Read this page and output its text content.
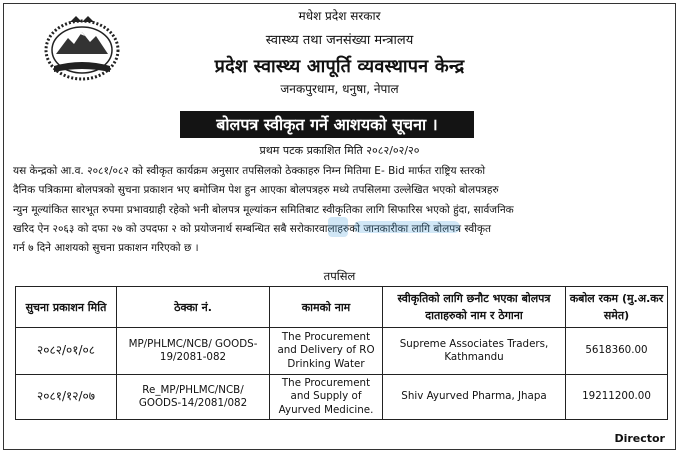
मधेश प्रदेश सरकार
स्वास्थ्य तथा जनसंख्या मन्त्रालय
प्रदेश स्वास्थ्य आपूर्ति व्यवस्थापन केन्द्र
जनकपुरधाम, धनुषा, नेपाल
बोलपत्र स्वीकृत गर्ने आशयको सूचना ।
प्रथम पटक प्रकाशित मिति २०८२/०२/२०
यस केन्द्रको आ.व. २०८१/०८२ को स्वीकृत कार्यक्रम अनुसार तपसिलको ठेक्काहरु निम्न मितिमा E- Bid मार्फत राष्ट्रिय स्तरको
दैनिक पत्रिकामा बोलपत्रको सुचना प्रकाशन भए बमोजिम पेश हुन आएका बोलपत्रहरु मध्ये तपसिलमा उल्लेखित भएको बोलपत्रहरु
न्युन मूल्यांकित सारभूत रुपमा प्रभावग्राही रहेको भनी बोलपत्र मूल्यांकन समितिबाट स्वीकृतिका लागि सिफारिस भएको हुंदा, सार्वजनिक
खरिद ऐन २०६३ को दफा २७ को उपदफा २ को प्रयोजनार्थ सम्बन्धित सबै सरोकारवालाहरुको जानकारीका लागि बोलपत्र स्वीकृत
गर्न ७ दिने आशयको सुचना प्रकाशन गरिएको छ ।
तपसिल
सुचना प्रकाशन मिति	ठेक्का नं.	कामको नाम	स्वीकृतिको लागि छनौट भएका बोलपत्र दाताहरुको नाम र ठेगाना	कबोल रकम (मु.अ.कर समेत)
२०८२/०१/०८	MP/PHLMC/NCB/ GOODS-19/2081-082	The Procurement and Delivery of RO Drinking Water	Supreme Associates Traders, Kathmandu	5618360.00
२०८१/१२/०७	Re_MP/PHLMC/NCB/ GOODS-14/2081/082	The Procurement and Supply of Ayurved Medicine.	Shiv Ayurved Pharma, Jhapa	19211200.00
Director
